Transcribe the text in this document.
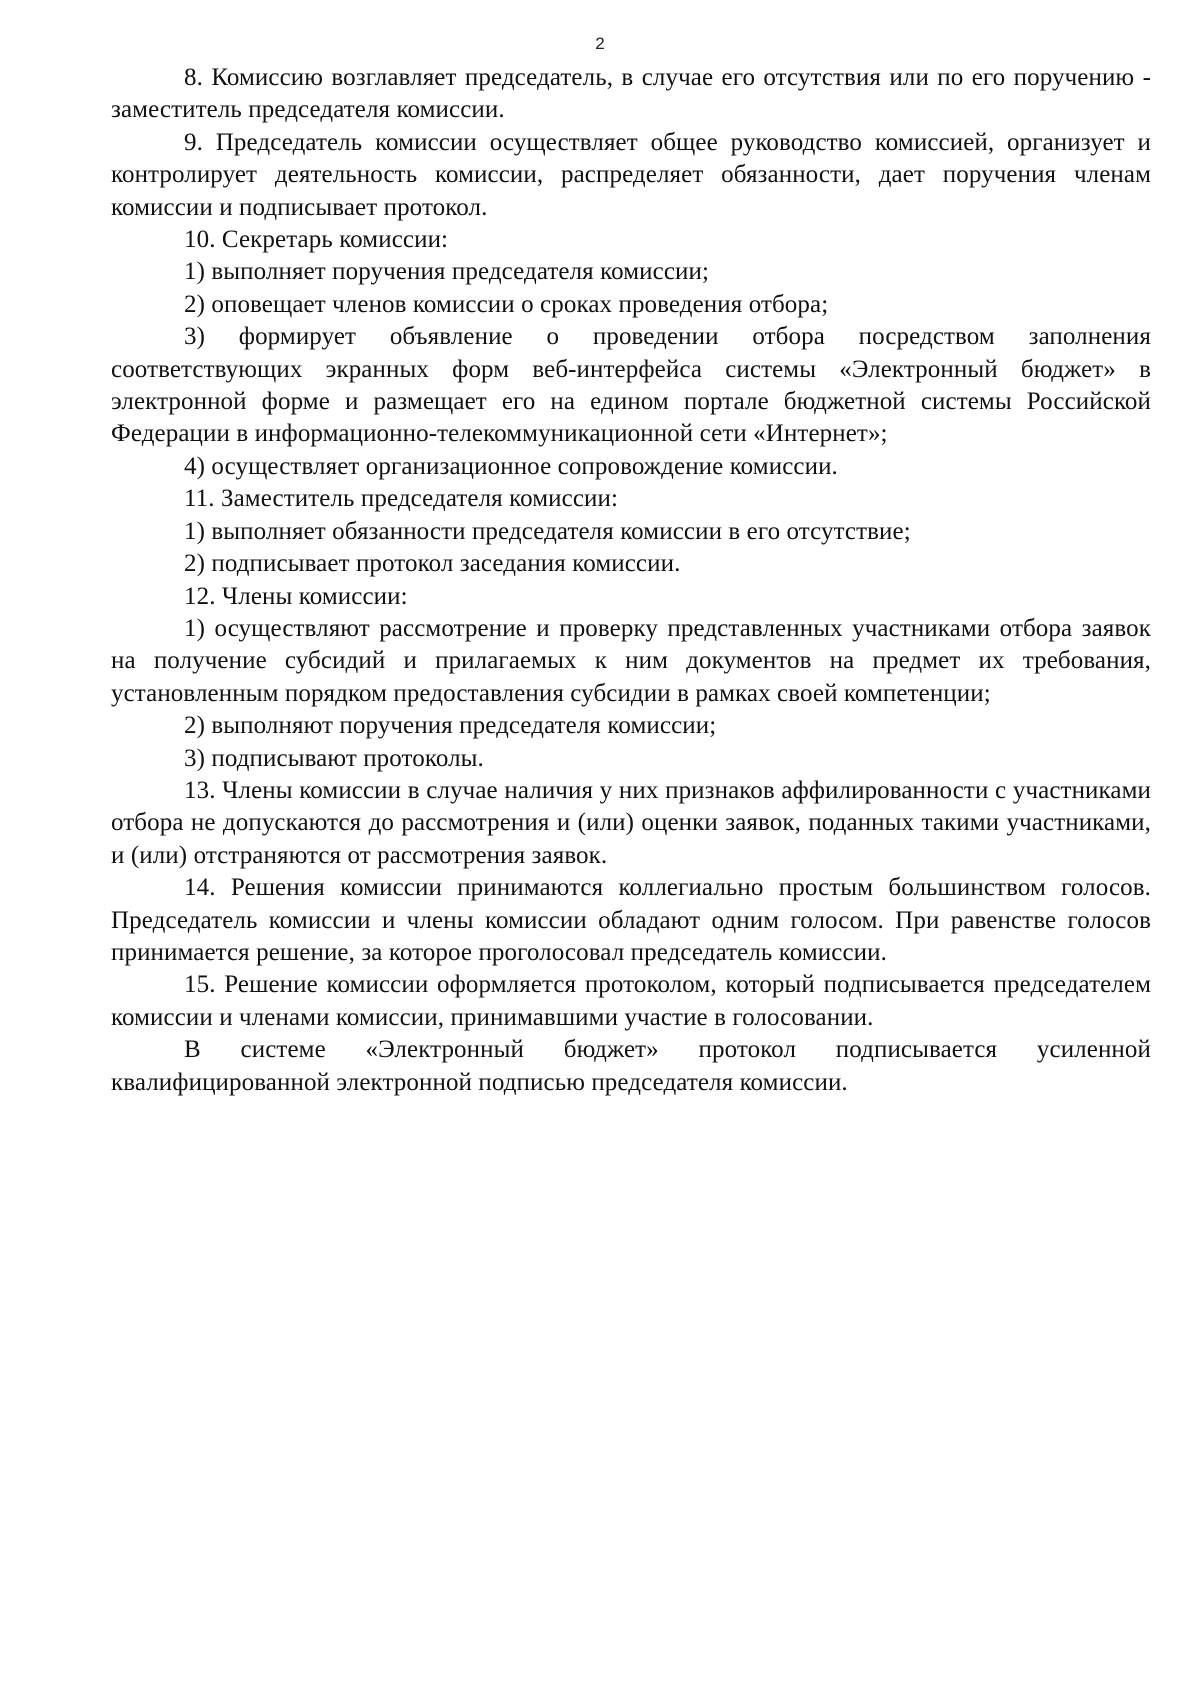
2

8. Комиссию возглавляет председатель, в случае его отсутствия или по его поручению - заместитель председателя комиссии.

9. Председатель комиссии осуществляет общее руководство комиссией, организует и контролирует деятельность комиссии, распределяет обязанности, дает поручения членам комиссии и подписывает протокол.

10. Секретарь комиссии:

1) выполняет поручения председателя комиссии;

2) оповещает членов комиссии о сроках проведения отбора;

3) формирует объявление о проведении отбора посредством заполнения соответствующих экранных форм веб-интерфейса системы «Электронный бюджет» в электронной форме и размещает его на едином портале бюджетной системы Российской Федерации в информационно-телекоммуникационной сети «Интернет»;

4) осуществляет организационное сопровождение комиссии.

11. Заместитель председателя комиссии:

1) выполняет обязанности председателя комиссии в его отсутствие;

2) подписывает протокол заседания комиссии.

12. Члены комиссии:

1) осуществляют рассмотрение и проверку представленных участниками отбора заявок на получение субсидий и прилагаемых к ним документов на предмет их требования, установленным порядком предоставления субсидии в рамках своей компетенции;

2) выполняют поручения председателя комиссии;

3) подписывают протоколы.

13. Члены комиссии в случае наличия у них признаков аффилированности с участниками отбора не допускаются до рассмотрения и (или) оценки заявок, поданных такими участниками, и (или) отстраняются от рассмотрения заявок.

14. Решения комиссии принимаются коллегиально простым большинством голосов. Председатель комиссии и члены комиссии обладают одним голосом. При равенстве голосов принимается решение, за которое проголосовал председатель комиссии.

15. Решение комиссии оформляется протоколом, который подписывается председателем комиссии и членами комиссии, принимавшими участие в голосовании.

В системе «Электронный бюджет» протокол подписывается усиленной квалифицированной электронной подписью председателя комиссии.
